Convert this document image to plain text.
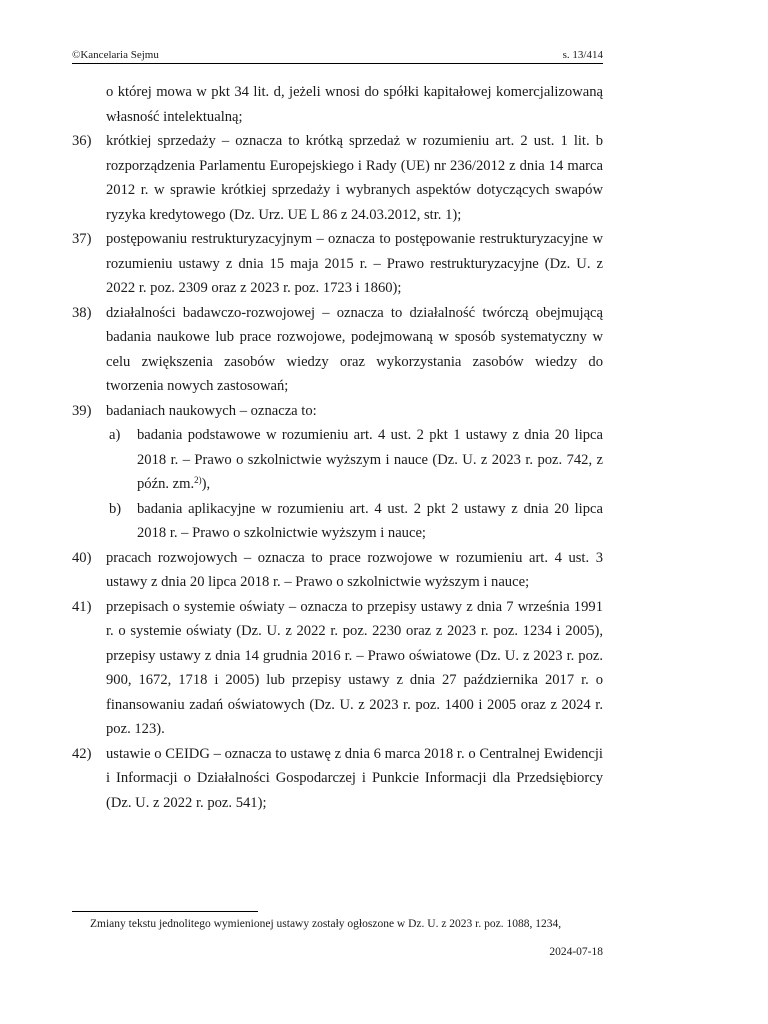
©Kancelaria Sejmu	s. 13/414
o której mowa w pkt 34 lit. d, jeżeli wnosi do spółki kapitałowej komercjalizowaną własność intelektualną;
36) krótkiej sprzedaży – oznacza to krótką sprzedaż w rozumieniu art. 2 ust. 1 lit. b rozporządzenia Parlamentu Europejskiego i Rady (UE) nr 236/2012 z dnia 14 marca 2012 r. w sprawie krótkiej sprzedaży i wybranych aspektów dotyczących swapów ryzyka kredytowego (Dz. Urz. UE L 86 z 24.03.2012, str. 1);
37) postępowaniu restrukturyzacyjnym – oznacza to postępowanie restrukturyzacyjne w rozumieniu ustawy z dnia 15 maja 2015 r. – Prawo restrukturyzacyjne (Dz. U. z 2022 r. poz. 2309 oraz z 2023 r. poz. 1723 i 1860);
38) działalności badawczo-rozwojowej – oznacza to działalność twórczą obejmującą badania naukowe lub prace rozwojowe, podejmowaną w sposób systematyczny w celu zwiększenia zasobów wiedzy oraz wykorzystania zasobów wiedzy do tworzenia nowych zastosowań;
39) badaniach naukowych – oznacza to:
a) badania podstawowe w rozumieniu art. 4 ust. 2 pkt 1 ustawy z dnia 20 lipca 2018 r. – Prawo o szkolnictwie wyższym i nauce (Dz. U. z 2023 r. poz. 742, z późn. zm.$^{2)}$),
b) badania aplikacyjne w rozumieniu art. 4 ust. 2 pkt 2 ustawy z dnia 20 lipca 2018 r. – Prawo o szkolnictwie wyższym i nauce;
40) pracach rozwojowych – oznacza to prace rozwojowe w rozumieniu art. 4 ust. 3 ustawy z dnia 20 lipca 2018 r. – Prawo o szkolnictwie wyższym i nauce;
41) przepisach o systemie oświaty – oznacza to przepisy ustawy z dnia 7 września 1991 r. o systemie oświaty (Dz. U. z 2022 r. poz. 2230 oraz z 2023 r. poz. 1234 i 2005), przepisy ustawy z dnia 14 grudnia 2016 r. – Prawo oświatowe (Dz. U. z 2023 r. poz. 900, 1672, 1718 i 2005) lub przepisy ustawy z dnia 27 października 2017 r. o finansowaniu zadań oświatowych (Dz. U. z 2023 r. poz. 1400 i 2005 oraz z 2024 r. poz. 123).
42) ustawie o CEIDG – oznacza to ustawę z dnia 6 marca 2018 r. o Centralnej Ewidencji i Informacji o Działalności Gospodarczej i Punkcie Informacji dla Przedsiębiorcy (Dz. U. z 2022 r. poz. 541);
Zmiany tekstu jednolitego wymienionej ustawy zostały ogłoszone w Dz. U. z 2023 r. poz. 1088, 1234,
2024-07-18
